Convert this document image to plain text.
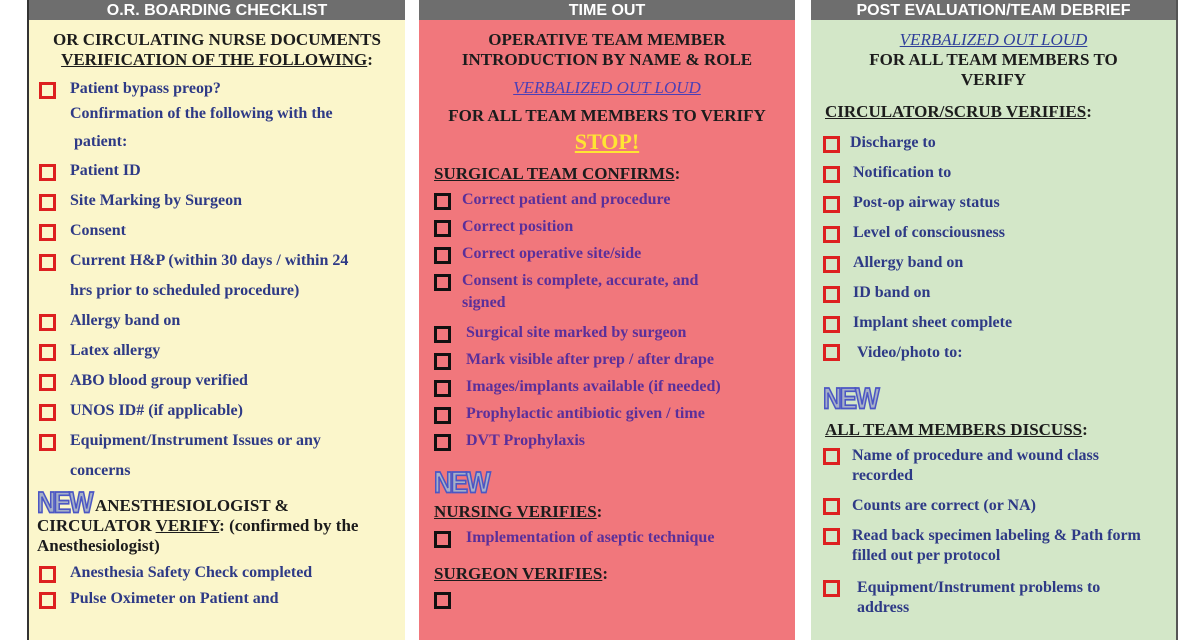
O.R. BOARDING CHECKLIST
OR CIRCULATING NURSE DOCUMENTS
VERIFICATION OF THE FOLLOWING:
Patient bypass preop?
Confirmation of the following with the
patient:
Patient ID
Site Marking by Surgeon
Consent
Current H&P (within 30 days / within 24
hrs prior to scheduled procedure)
Allergy band on
Latex allergy
ABO blood group verified
UNOS ID# (if applicable)
Equipment/Instrument Issues or any
concerns
NEW ANESTHESIOLOGIST &
CIRCULATOR VERIFY: (confirmed by the
Anesthesiologist)
Anesthesia Safety Check completed
Pulse Oximeter on Patient and
TIME OUT
OPERATIVE TEAM MEMBER
INTRODUCTION BY NAME & ROLE
VERBALIZED OUT LOUD
FOR ALL TEAM MEMBERS TO VERIFY
STOP!
SURGICAL TEAM CONFIRMS:
Correct patient and procedure
Correct position
Correct operative site/side
Consent is complete, accurate, and signed
Surgical site marked by surgeon
Mark visible after prep / after drape
Images/implants available (if needed)
Prophylactic antibiotic given / time
DVT Prophylaxis
NEW
NURSING VERIFIES:
Implementation of aseptic technique
SURGEON VERIFIES:
POST EVALUATION/TEAM DEBRIEF
VERBALIZED OUT LOUD
FOR ALL TEAM MEMBERS TO
VERIFY
CIRCULATOR/SCRUB VERIFIES:
Discharge to
Notification to
Post-op airway status
Level of consciousness
Allergy band on
ID band on
Implant sheet complete
Video/photo to:
NEW
ALL TEAM MEMBERS DISCUSS:
Name of procedure and wound class recorded
Counts are correct (or NA)
Read back specimen labeling & Path form filled out per protocol
Equipment/Instrument problems to address
